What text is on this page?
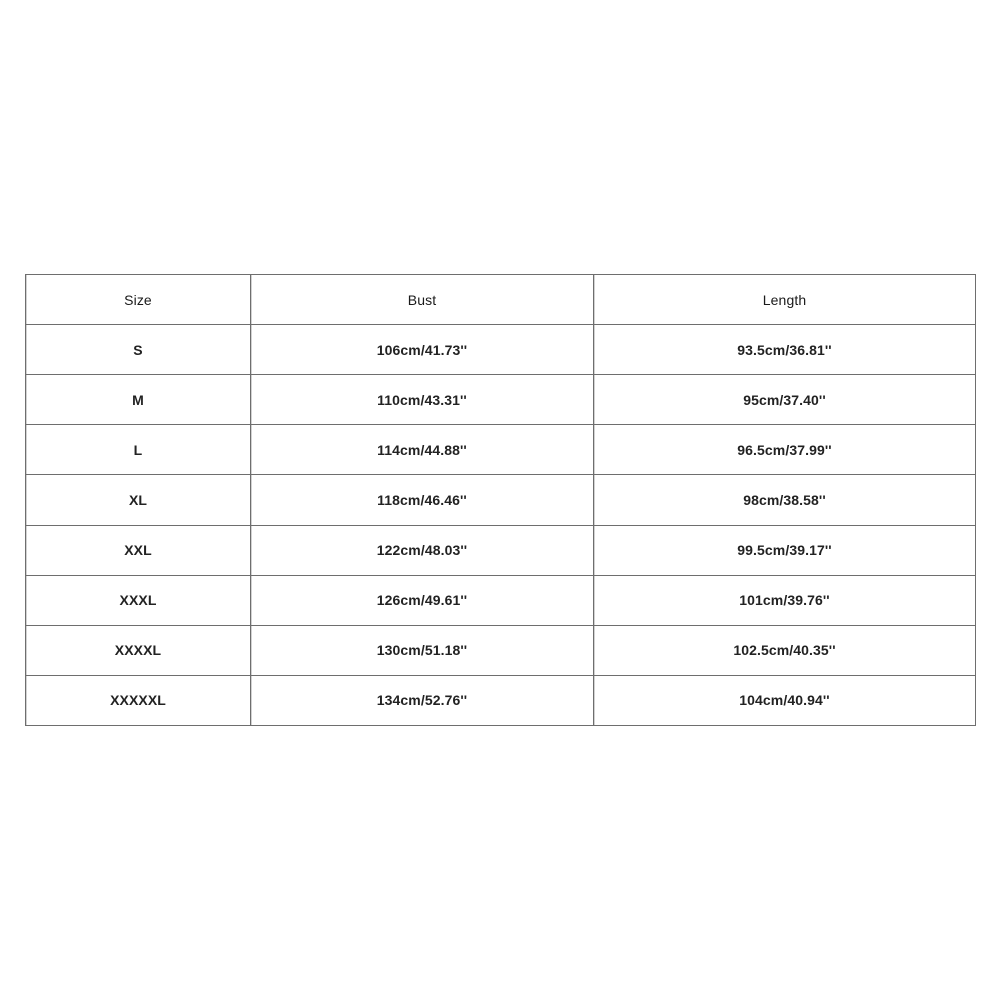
Size	Bust	Length
S	106cm/41.73''	93.5cm/36.81''
M	110cm/43.31''	95cm/37.40''
L	114cm/44.88''	96.5cm/37.99''
XL	118cm/46.46''	98cm/38.58''
XXL	122cm/48.03''	99.5cm/39.17''
XXXL	126cm/49.61''	101cm/39.76''
XXXXL	130cm/51.18''	102.5cm/40.35''
XXXXXL	134cm/52.76''	104cm/40.94''
